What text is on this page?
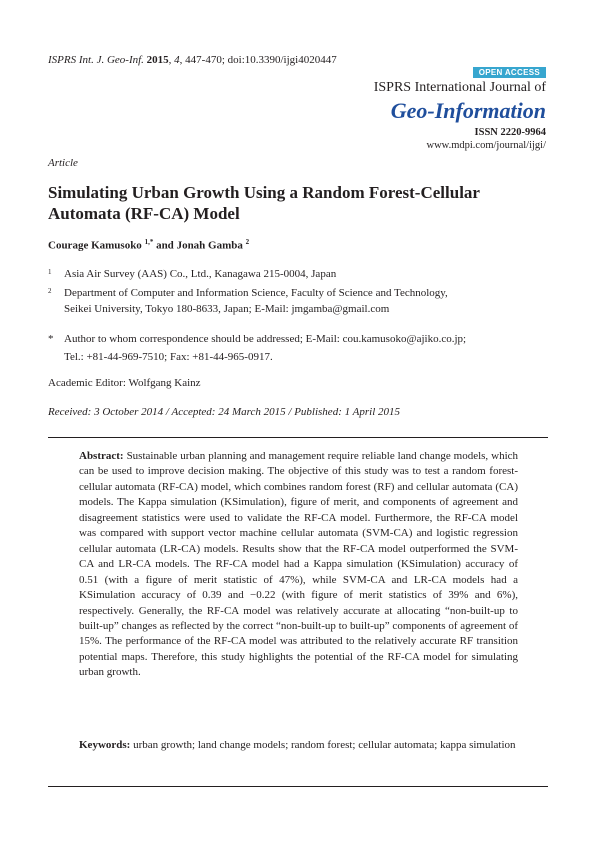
ISPRS Int. J. Geo-Inf. 2015, 4, 447-470; doi:10.3390/ijgi4020447
OPEN ACCESS
ISPRS International Journal of
Geo-Information
ISSN 2220-9964
www.mdpi.com/journal/ijgi/
Article
Simulating Urban Growth Using a Random Forest-Cellular Automata (RF-CA) Model
Courage Kamusoko $^{1,*}$ and Jonah Gamba $^2$
1 Asia Air Survey (AAS) Co., Ltd., Kanagawa 215-0004, Japan
2 Department of Computer and Information Science, Faculty of Science and Technology,
Seikei University, Tokyo 180-8633, Japan; E-Mail: jmgamba@gmail.com
* Author to whom correspondence should be addressed; E-Mail: cou.kamusoko@ajiko.co.jp;
Tel.: +81-44-969-7510; Fax: +81-44-965-0917.
Academic Editor: Wolfgang Kainz
Received: 3 October 2014 / Accepted: 24 March 2015 / Published: 1 April 2015
Abstract: Sustainable urban planning and management require reliable land change models, which can be used to improve decision making. The objective of this study was to test a random forest-cellular automata (RF-CA) model, which combines random forest (RF) and cellular automata (CA) models. The Kappa simulation (KSimulation), figure of merit, and components of agreement and disagreement statistics were used to validate the RF-CA model. Furthermore, the RF-CA model was compared with support vector machine cellular automata (SVM-CA) and logistic regression cellular automata (LR-CA) models. Results show that the RF-CA model outperformed the SVM-CA and LR-CA models. The RF-CA model had a Kappa simulation (KSimulation) accuracy of 0.51 (with a figure of merit statistic of 47%), while SVM-CA and LR-CA models had a KSimulation accuracy of 0.39 and −0.22 (with figure of merit statistics of 39% and 6%), respectively. Generally, the RF-CA model was relatively accurate at allocating “non-built-up to built-up” changes as reflected by the correct “non-built-up to built-up” components of agreement of 15%. The performance of the RF-CA model was attributed to the relatively accurate RF transition potential maps. Therefore, this study highlights the potential of the RF-CA model for simulating urban growth.
Keywords: urban growth; land change models; random forest; cellular automata; kappa simulation
